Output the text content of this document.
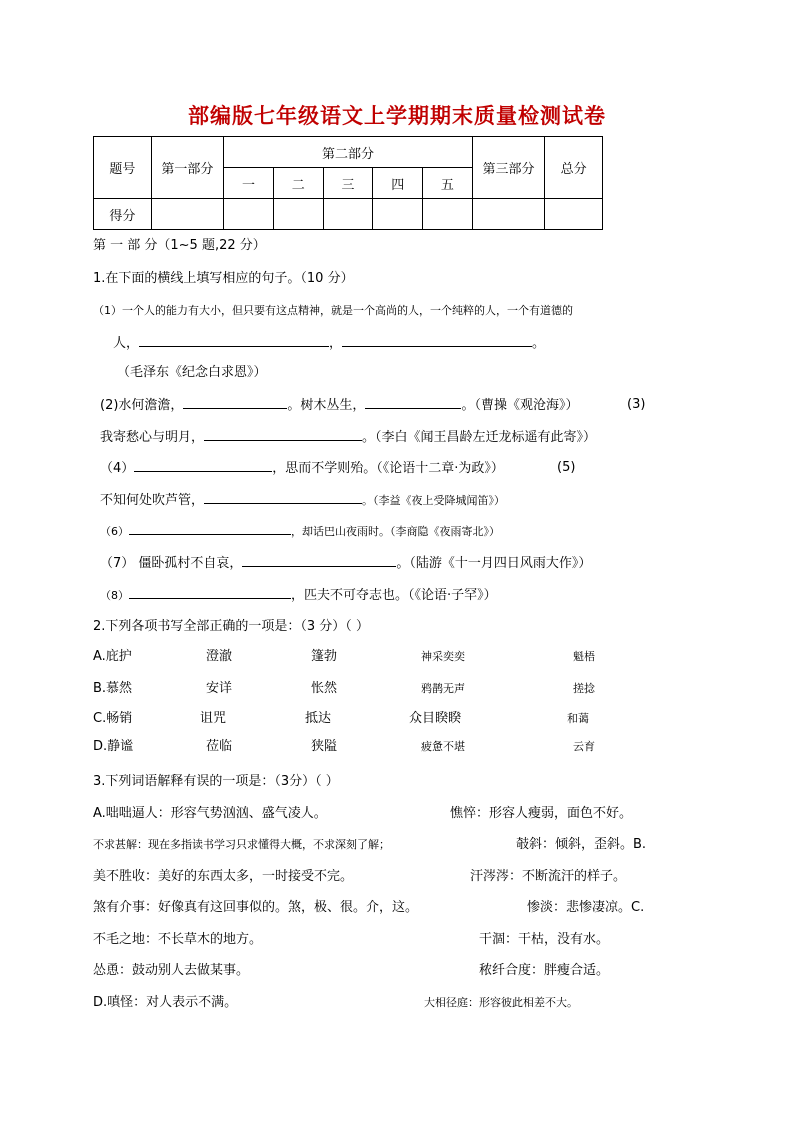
部编版七年级语文上学期期末质量检测试卷
题号	第一部分	第二部分					第三部分	总分
		一	二	三	四	五		
得分								
第 一 部 分（1~5 题,22 分）
1.在下面的横线上填写相应的句子。（10 分）
（1）一个人的能力有大小，但只要有这点精神，就是一个高尚的人，一个纯粹的人，一个有道德的
人，	，	。
（毛泽东《纪念白求恩》）
(2)水何澹澹，	。树木丛生，	。（曹操《观沧海》）	(3)
我寄愁心与明月，	。（李白《闻王昌龄左迁龙标遥有此寄》）
（4）	，思而不学则殆。（《论语十二章·为政》）	(5)
不知何处吹芦管，	。（李益《夜上受降城闻笛》）
（6）	，却话巴山夜雨时。（李商隐《夜雨寄北》）
（7） 僵卧孤村不自哀，	。（陆游《十一月四日风雨大作》）
（8）	，匹夫不可夺志也。（《论语·子罕》）
2.下列各项书写全部正确的一项是：（3 分）（ ）
A.庇护	澄澈	篷勃	神采奕奕	魁梧
B.慕然	安详	怅然	鸦鹊无声	搓捻
C.畅销	诅咒	抵达	众目睽睽	和蔼
D.静谧	莅临	狭隘	疲惫不堪	云育
3.下列词语解释有误的一项是：（3分）（ ）
A.咄咄逼人：形容气势汹汹、盛气凌人。	憔悴：形容人瘦弱，面色不好。
不求甚解：现在多指读书学习只求懂得大概，不求深刻了解；	攲斜：倾斜，歪斜。B.
美不胜收：美好的东西太多，一时接受不完。	汗涔涔：不断流汗的样子。
煞有介事：好像真有这回事似的。煞，极、很。介，这。	惨淡：悲惨凄凉。C.
不毛之地：不长草木的地方。	干涸：干枯，没有水。
怂恿：鼓动别人去做某事。	秾纤合度：胖瘦合适。
D.嗔怪：对人表示不满。	大相径庭：形容彼此相差不大。
